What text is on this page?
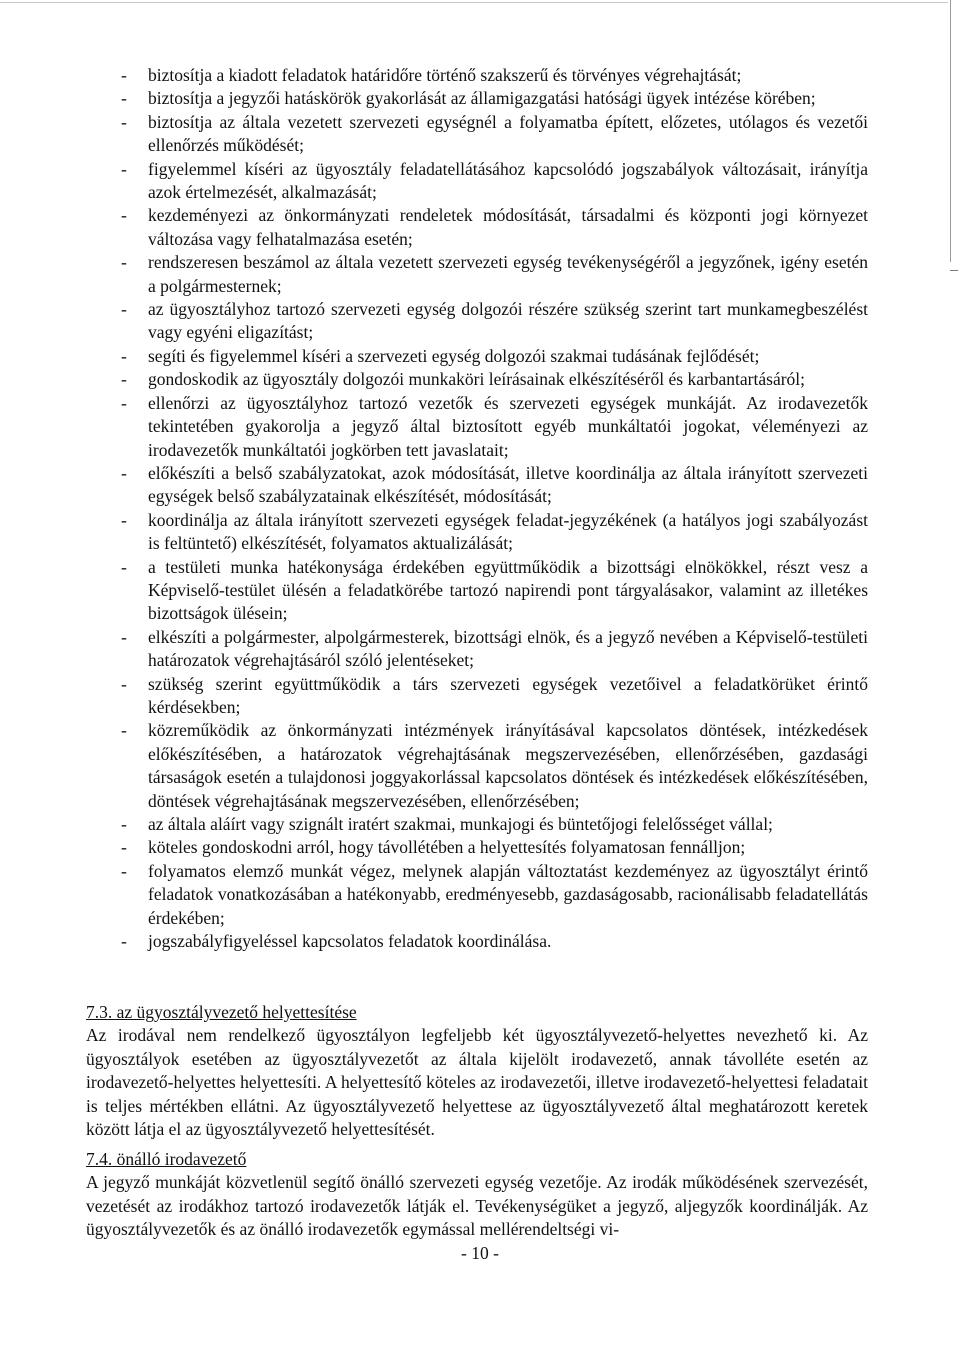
- biztosítja a kiadott feladatok határidőre történő szakszerű és törvényes végrehajtását;
- biztosítja a jegyzői hatáskörök gyakorlását az államigazgatási hatósági ügyek intézése körében;
- biztosítja az általa vezetett szervezeti egységnél a folyamatba épített, előzetes, utólagos és vezetői ellenőrzés működését;
- figyelemmel kíséri az ügyosztály feladatellátásához kapcsolódó jogszabályok változásait, irányítja azok értelmezését, alkalmazását;
- kezdeményezi az önkormányzati rendeletek módosítását, társadalmi és központi jogi környezet változása vagy felhatalmazása esetén;
- rendszeresen beszámol az általa vezetett szervezeti egység tevékenységéről a jegyzőnek, igény esetén a polgármesternek;
- az ügyosztályhoz tartozó szervezeti egység dolgozói részére szükség szerint tart munkamegbeszélést vagy egyéni eligazítást;
- segíti és figyelemmel kíséri a szervezeti egység dolgozói szakmai tudásának fejlődését;
- gondoskodik az ügyosztály dolgozói munkaköri leírásainak elkészítéséről és karbantartásáról;
- ellenőrzi az ügyosztályhoz tartozó vezetők és szervezeti egységek munkáját. Az irodavezetők tekintetében gyakorolja a jegyző által biztosított egyéb munkáltatói jogokat, véleményezi az irodavezetők munkáltatói jogkörben tett javaslatait;
- előkészíti a belső szabályzatokat, azok módosítását, illetve koordinálja az általa irányított szervezeti egységek belső szabályzatainak elkészítését, módosítását;
- koordinálja az általa irányított szervezeti egységek feladat-jegyzékének (a hatályos jogi szabályozást is feltüntető) elkészítését, folyamatos aktualizálását;
- a testületi munka hatékonysága érdekében együttműködik a bizottsági elnökökkel, részt vesz a Képviselő-testület ülésén a feladatkörébe tartozó napirendi pont tárgyalásakor, valamint az illetékes bizottságok ülésein;
- elkészíti a polgármester, alpolgármesterek, bizottsági elnök, és a jegyző nevében a Képviselő-testületi határozatok végrehajtásáról szóló jelentéseket;
- szükség szerint együttműködik a társ szervezeti egységek vezetőivel a feladatkörüket érintő kérdésekben;
- közreműködik az önkormányzati intézmények irányításával kapcsolatos döntések, intézkedések előkészítésében, a határozatok végrehajtásának megszervezésében, ellenőrzésében, gazdasági társaságok esetén a tulajdonosi joggyakorlással kapcsolatos döntések és intézkedések előkészítésében, döntések végrehajtásának megszervezésében, ellenőrzésében;
- az általa aláírt vagy szignált iratért szakmai, munkajogi és büntetőjogi felelősséget vállal;
- köteles gondoskodni arról, hogy távollétében a helyettesítés folyamatosan fennálljon;
- folyamatos elemző munkát végez, melynek alapján változtatást kezdeményez az ügyosztályt érintő feladatok vonatkozásában a hatékonyabb, eredményesebb, gazdaságosabb, racionálisabb feladatellátás érdekében;
- jogszabályfigyeléssel kapcsolatos feladatok koordinálása.
7.3. az ügyosztályvezető helyettesítése

Az irodával nem rendelkező ügyosztályon legfeljebb két ügyosztályvezető-helyettes nevezhető ki. Az ügyosztályok esetében az ügyosztályvezetőt az általa kijelölt irodavezető, annak távolléte esetén az irodavezető-helyettes helyettesíti. A helyettesítő köteles az irodavezetői, illetve irodavezető-helyettesi feladatait is teljes mértékben ellátni. Az ügyosztályvezető helyettese az ügyosztályvezető által meghatározott keretek között látja el az ügyosztályvezető helyettesítését.

7.4. önálló irodavezető

A jegyző munkáját közvetlenül segítő önálló szervezeti egység vezetője. Az irodák működésének szervezését, vezetését az irodákhoz tartozó irodavezetők látják el. Tevékenységüket a jegyző, aljegyzők koordinálják. Az ügyosztályvezetők és az önálló irodavezetők egymással mellérendeltségi vi-

- 10 -
